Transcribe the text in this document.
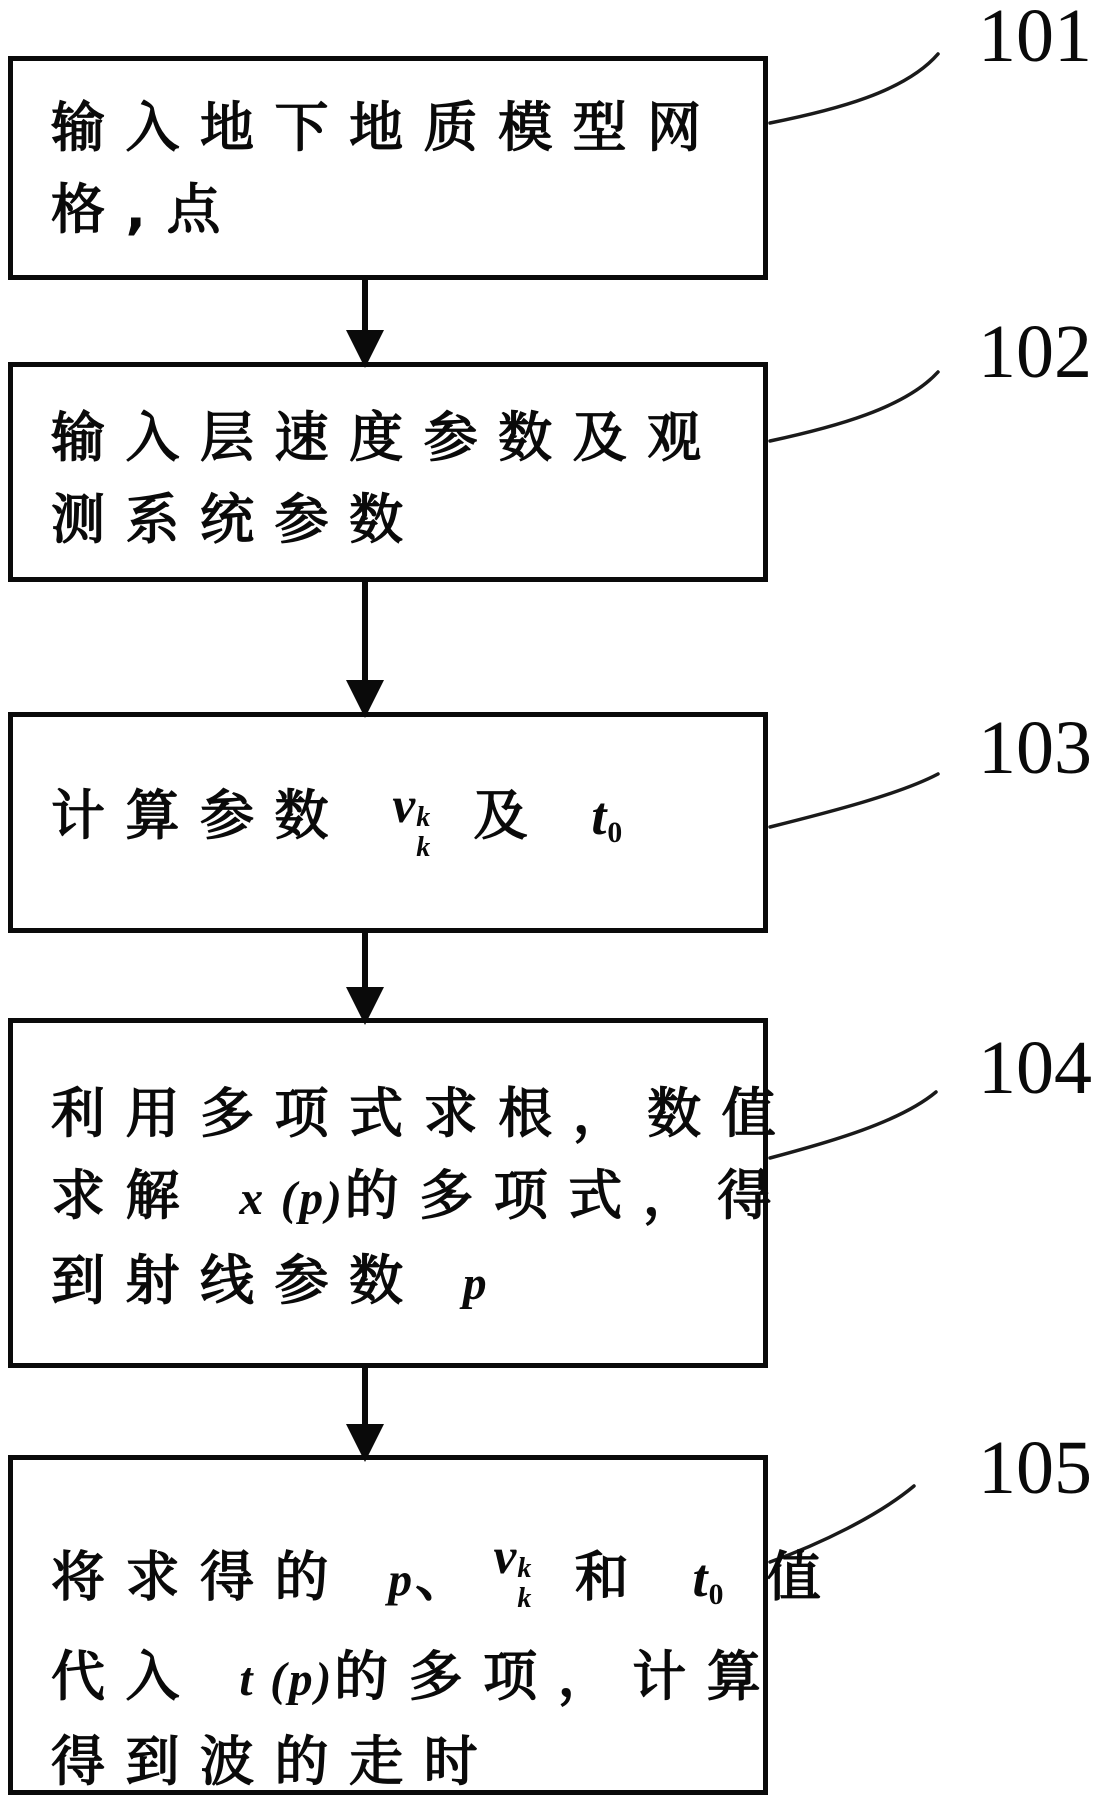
输入地下地质模型网
格,点
输入层速度参数及观
测系统参数
计算参数 v k
k
及 $t_0$
利用多项式求根，数值
求解 x (p)的多项式，得
到射线参数 p
将求得的 p、v k
k 和 $t_0$ 值
代入 t (p)的多项，计算
得到波的走时
101
102
103
104
105
